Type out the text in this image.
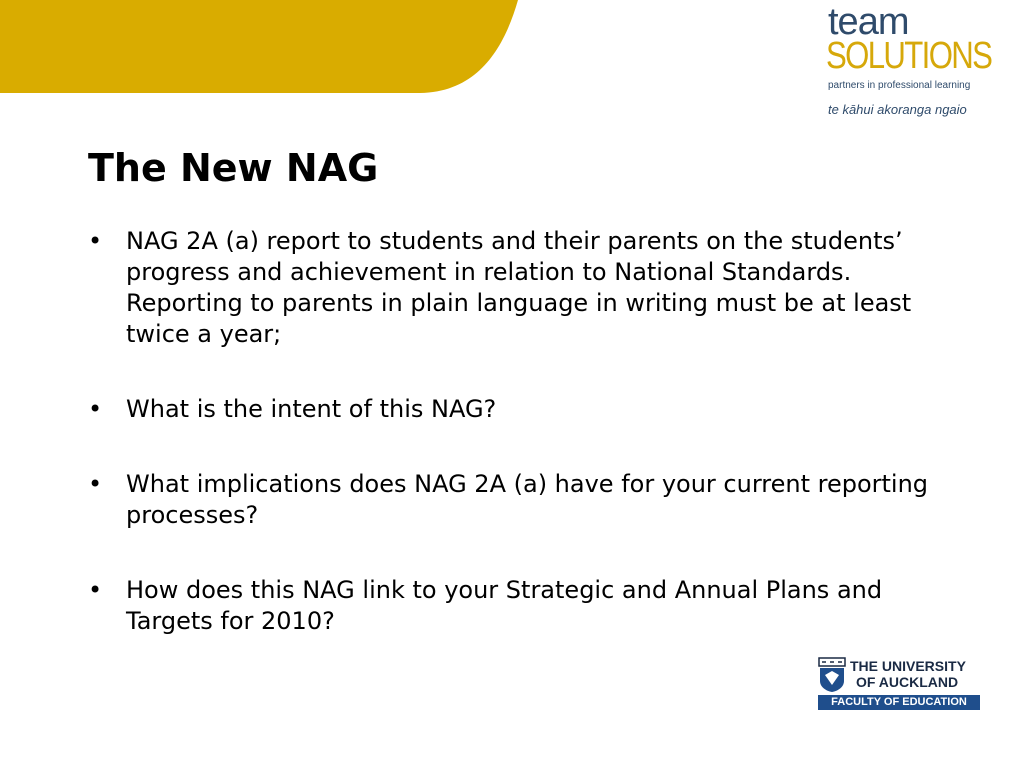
team
SOLUTIONS
partners in professional learning
te kāhui akoranga ngaio
The New NAG
• NAG 2A (a) report to students and their parents on the students’ progress and achievement in relation to National Standards. Reporting to parents in plain language in writing must be at least twice a year;
• What is the intent of this NAG?
• What implications does NAG 2A (a) have for your current reporting processes?
• How does this NAG link to your Strategic and Annual Plans and Targets for 2010?
THE UNIVERSITY
OF AUCKLAND
FACULTY OF EDUCATION
